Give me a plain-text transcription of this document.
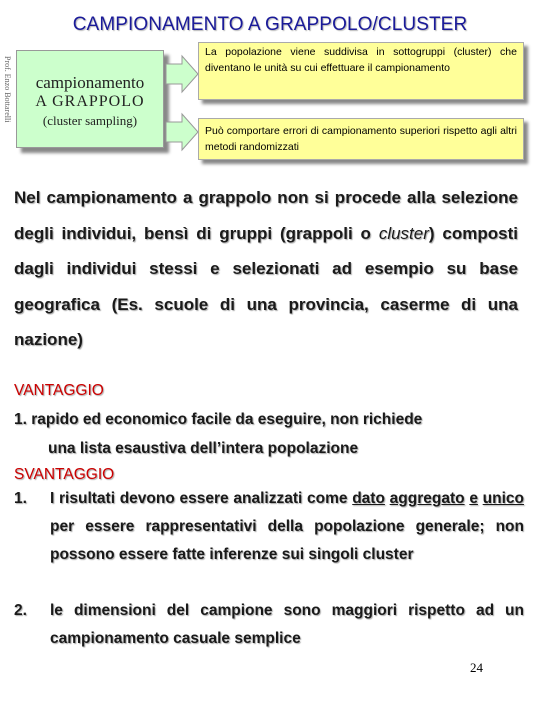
CAMPIONAMENTO A GRAPPOLO/CLUSTER
Prof. Enzo Bottarelli	campionamento
A GRAPPOLO
(cluster sampling)
La popolazione viene suddivisa in sottogruppi (cluster) che diventano le unità su cui effettuare il campionamento
Può comportare errori di campionamento superiori rispetto agli altri metodi randomizzati
Nel campionamento a grappolo non si procede alla selezione degli individui, bensì di gruppi (grappoli o cluster) composti dagli individui stessi e selezionati ad esempio su base geografica (Es. scuole di una provincia, caserme di una nazione)
VANTAGGIO
1. rapido ed economico facile da eseguire, non richiede
una lista esaustiva dell’intera popolazione
SVANTAGGIO
1.	I risultati devono essere analizzati come dato aggregato e unico per essere rappresentativi della popolazione generale; non possono essere fatte inferenze sui singoli cluster
2.	le dimensioni del campione sono maggiori rispetto ad un campionamento casuale semplice
24
